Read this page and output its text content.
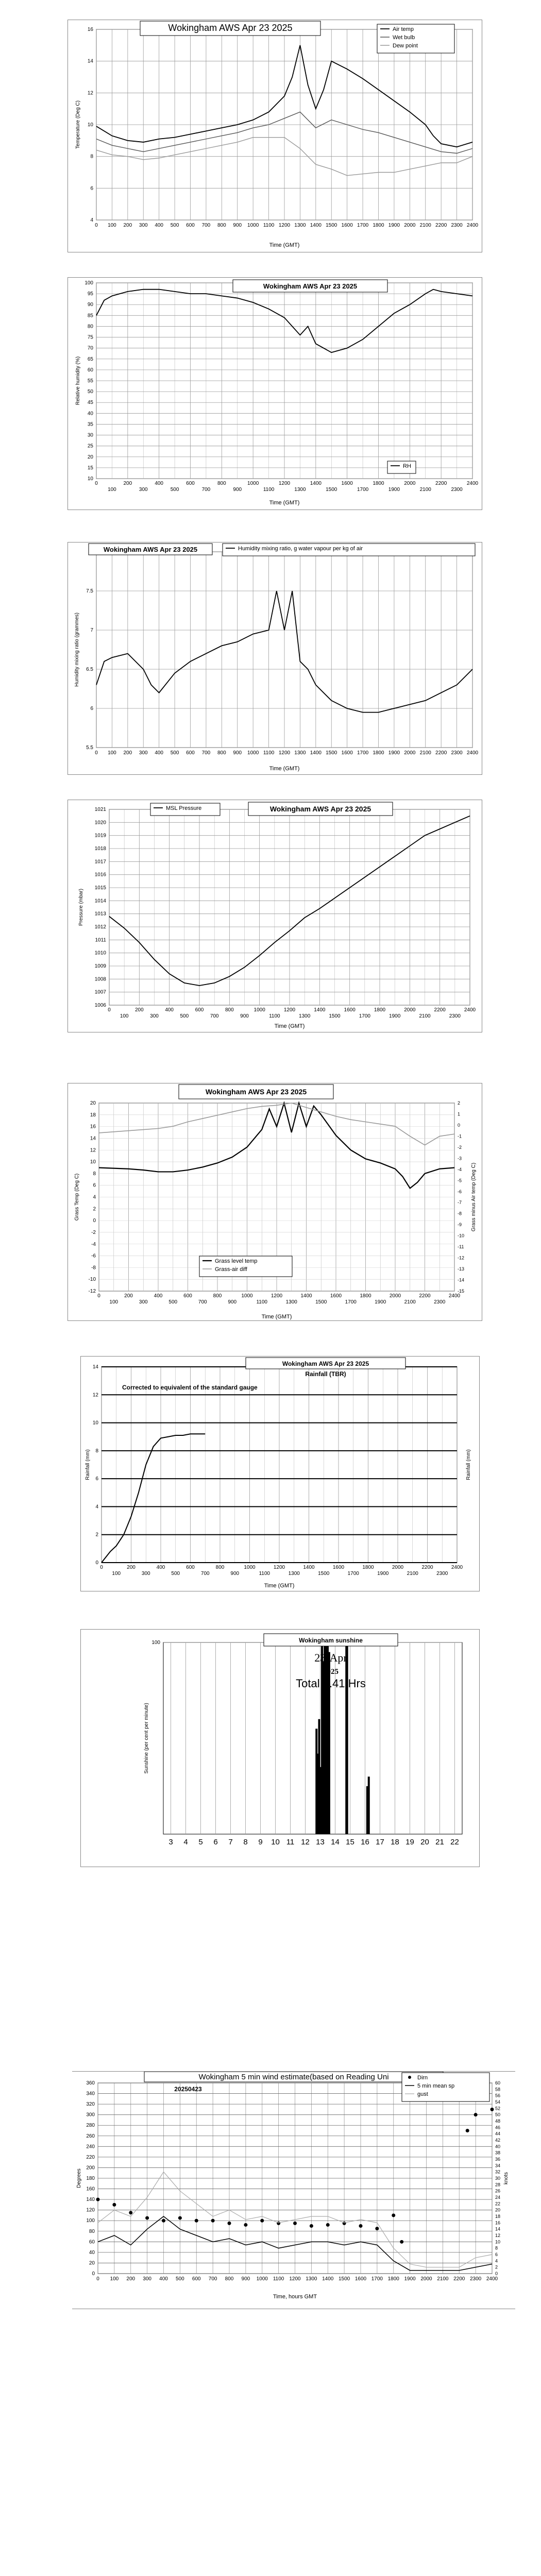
0 100 200 300 400 500 600 700 800 900 1000 1100 1200 1300 1400 1500 1600 1700 1800 1900 2000 2100 2200 2300 2400
4
6
8
10
12
14
16
Time (GMT)
Temperature (Deg C)
Wokingham AWS Apr 23 2025	Air temp
Wet bulb
Dew point
0	200	400	600	800	1000	1200	1400	1600	1800	2000	2200	2400
100	300	500	700	900	1100	1300	1500	1700	1900	2100	2300
10
15
20
25
30
35
40
45
50
55
60
65
70
75
80
85
90
95
100
Time (GMT)
Relative humidity (%)
Wokingham AWS Apr 23 2025
RH
0 100 200 300 400 500 600 700 800 900 1000 1100 1200 1300 1400 1500 1600 1700 1800 1900 2000 2100 2200 2300 2400
5.5
6
6.5
7
7.5
Time (GMT)
Humidity mixing ratio (grammes)
Wokingham AWS Apr 23 2025	Humidity mixing ratio, g water vapour per kg of air
0	200	400	600	800	1000	1200	1400	1600	1800	2000	2200	2400
100	300	500	700	900	1100	1300	1500	1700	1900	2100	2300
1006
1007
1008
1009
1010
1011
1012
1013
1014
1015
1016
1017
1018
1019
1020
1021
Time (GMT)
Pressure (mbar)
Wokingham AWS Apr 23 2025
MSL Pressure
0	200	400	600	800	1000	1200	1400	1600	1800	2000	2200	2400
100	300	500	700	900	1100	1300	1500	1700	1900	2100	2300
-12
-10
-8
-6
-4
-2
0
2
4
6
8
10
12
14
16
18
20
-15
-14
-13
-12
-11
-10
-9
-8
-7
-6
-5
-4
-3
-2
-1
0
1
2
Time (GMT)
Grass Temp (Deg C)	Grass minus Air temp (Deg C)
Wokingham AWS Apr 23 2025
Grass level temp
Grass-air diff
0	200	400	600	800	1000	1200	1400	1600	1800	2000	2200	2400
100	300	500	700	900	1100	1300	1500	1700	1900	2100	2300
0
2
4
6
8
10
12
14
Time (GMT)
Rainfall (mm)	Rainfall (mm)
Wokingham AWS Apr 23 2025
Rainfall (TBR)
Corrected to equivalent of the standard gauge
3 4 5 6 7 8 9 10 11 12 13 14 15 16 17 18 19 20 21 22
100
Sunshine (per cent per minute)
Wokingham sunshine
23-Apr
2025
Total 0.41 Hrs
0 100 200 300 400 500 600 700 800 900 1000 1100 1200 1300 1400 1500 1600 1700 1800 1900 2000 2100 2200 2300 2400
0
20
40
60
80
100
120
140
160
180
200
220
240
260
280
300
320
340
360
0
2
4
6
8
10
12
14
16
18
20
22
24
26
28
30
32
34
36
38
40
42
44
46
48
50
52
54
56
58
60
Time, hours GMT
Degrees	knots
Wokingham 5 min wind estimate(based on Reading Uni	Dirn
5 min mean sp
gust
20250423
